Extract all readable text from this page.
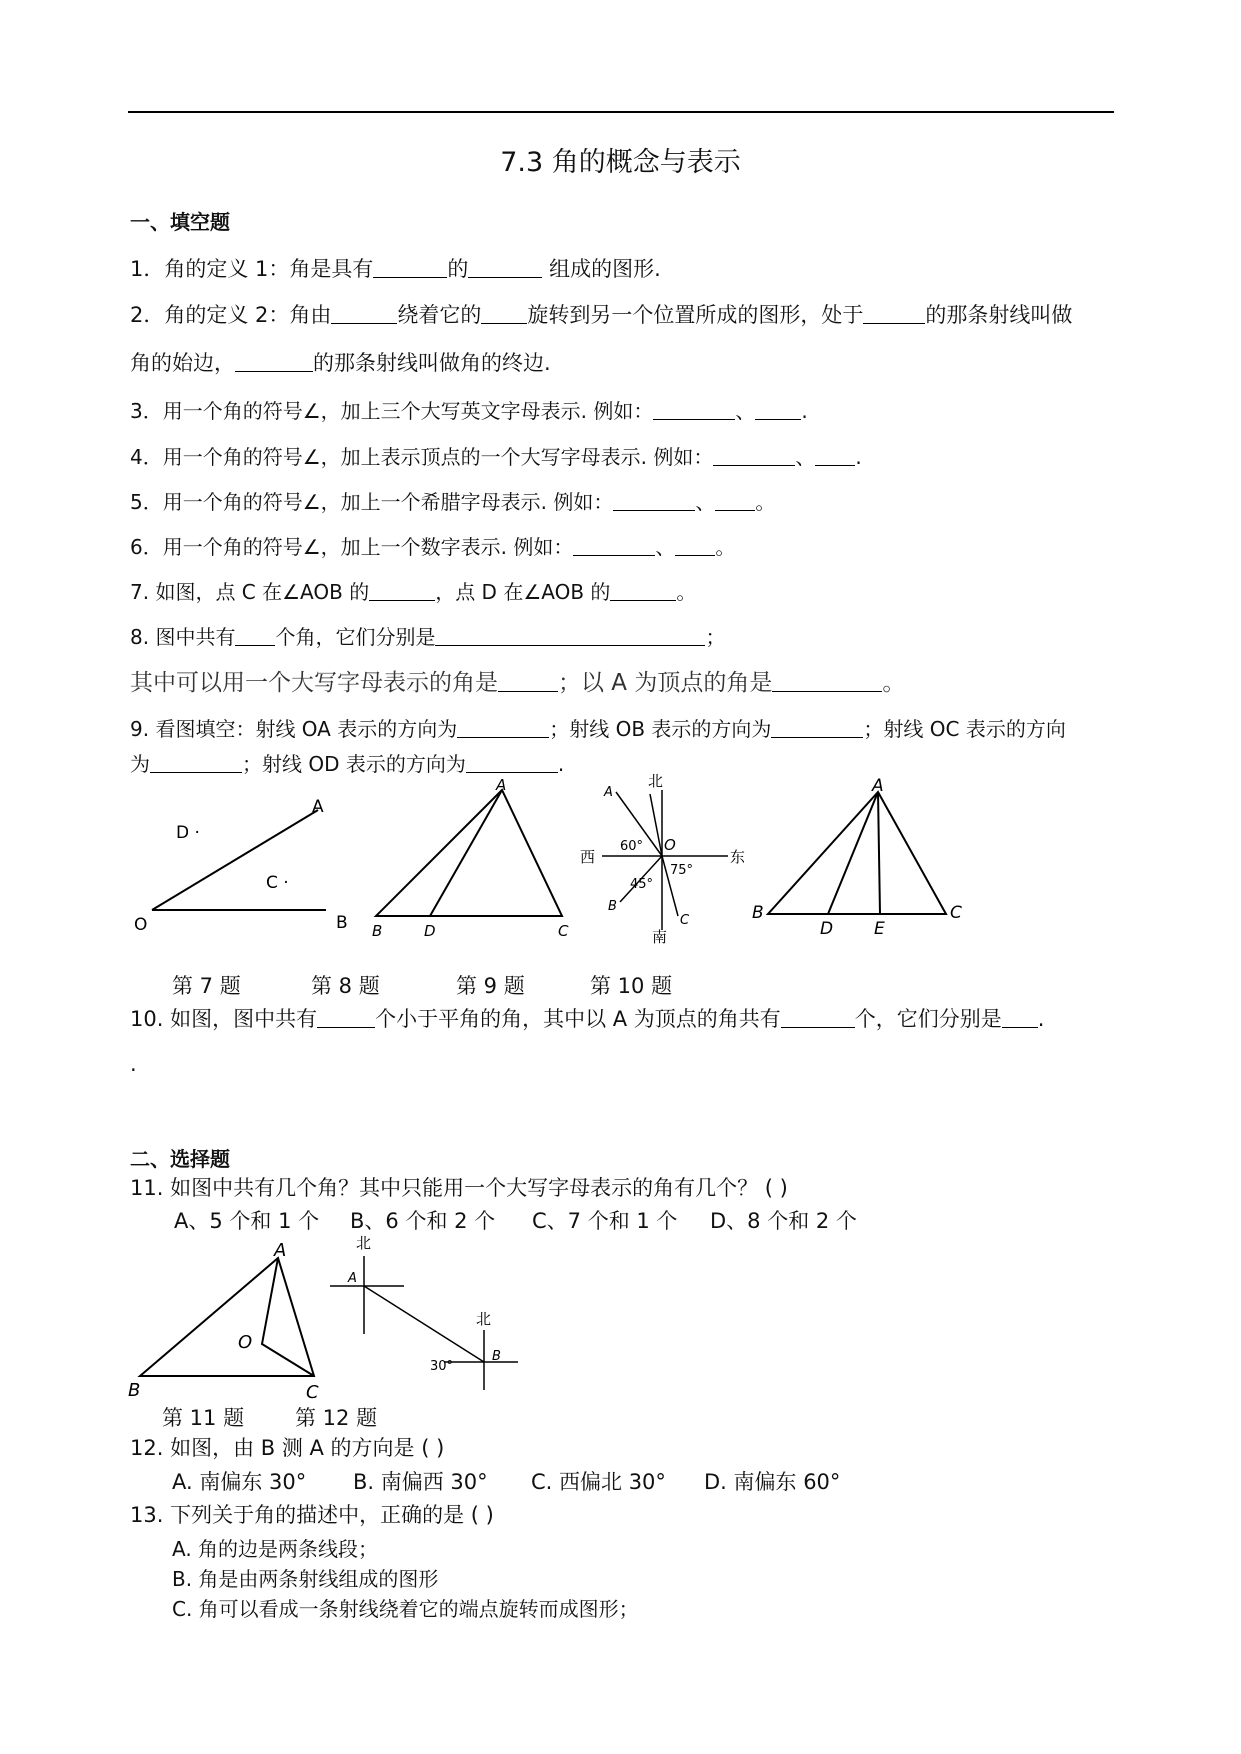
7.3 角的概念与表示
一、填空题
1．角的定义 1：角是具有	的	组成的图形.
2．角的定义 2：角由	绕着它的 旋转到另一个位置所成的图形，处于	的那条射线叫做
角的始边，	的那条射线叫做角的终边.
3．用一个角的符号∠，加上三个大写英文字母表示. 例如：	、 .
4．用一个角的符号∠，加上表示顶点的一个大写字母表示. 例如：	、 .
5．用一个角的符号∠，加上一个希腊字母表示. 例如：	、 。
6．用一个角的符号∠，加上一个数字表示. 例如：	、 。
7. 如图，点 C 在∠AOB 的	，点 D 在∠AOB 的	。
8. 图中共有 个角，它们分别是	；
其中可以用一个大写字母表示的角是	；以 A 为顶点的角是	。
9. 看图填空：射线 OA 表示的方向为	；射线 OB 表示的方向为	；射线 OC 表示的方向
为	；射线 OD 表示的方向为	.
O
A
B
C ·
D ·
A
B	D	C
北
南
东
西
O
A
B
C
60°
75°
45°
A
B
D E
C
第 7 题	第 8 题	第 9 题	第 10 题
10. 如图，图中共有	个小于平角的角，其中以 A 为顶点的角共有	个，它们分别是 .
.
二、选择题
11. 如图中共有几个角？其中只能用一个大写字母表示的角有几个？ ( )
A、5 个和 1 个 B、6 个和 2 个 C、7 个和 1 个 D、8 个和 2 个
A
B	C
O
北
北
A
B
30°
第 11 题 第 12 题
12. 如图，由 B 测 A 的方向是 ( )
A. 南偏东 30° B. 南偏西 30° C. 西偏北 30° D. 南偏东 60°
13. 下列关于角的描述中，正确的是 ( )
A. 角的边是两条线段；
B. 角是由两条射线组成的图形
C. 角可以看成一条射线绕着它的端点旋转而成图形；
